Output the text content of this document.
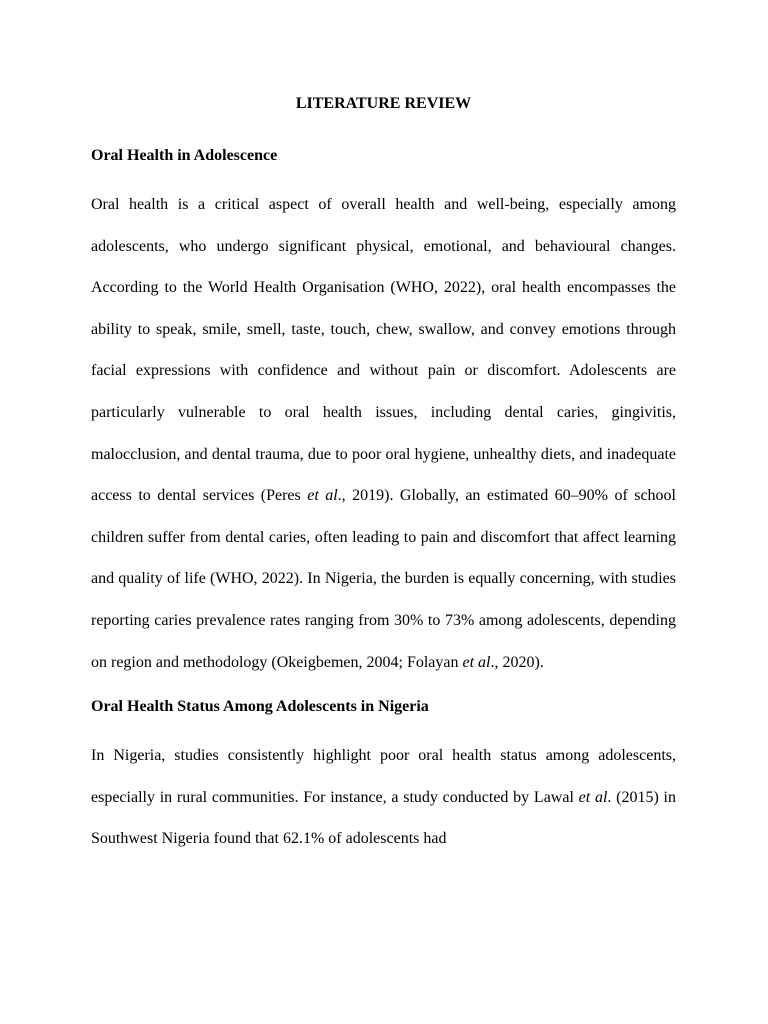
LITERATURE REVIEW
Oral Health in Adolescence

Oral health is a critical aspect of overall health and well-being, especially among adolescents, who undergo significant physical, emotional, and behavioural changes. According to the World Health Organisation (WHO, 2022), oral health encompasses the ability to speak, smile, smell, taste, touch, chew, swallow, and convey emotions through facial expressions with confidence and without pain or discomfort. Adolescents are particularly vulnerable to oral health issues, including dental caries, gingivitis, malocclusion, and dental trauma, due to poor oral hygiene, unhealthy diets, and inadequate access to dental services (Peres et al., 2019). Globally, an estimated 60–90% of school children suffer from dental caries, often leading to pain and discomfort that affect learning and quality of life (WHO, 2022). In Nigeria, the burden is equally concerning, with studies reporting caries prevalence rates ranging from 30% to 73% among adolescents, depending on region and methodology (Okeigbemen, 2004; Folayan et al., 2020).

Oral Health Status Among Adolescents in Nigeria

In Nigeria, studies consistently highlight poor oral health status among adolescents, especially in rural communities. For instance, a study conducted by Lawal et al. (2015) in Southwest Nigeria found that 62.1% of adolescents had
